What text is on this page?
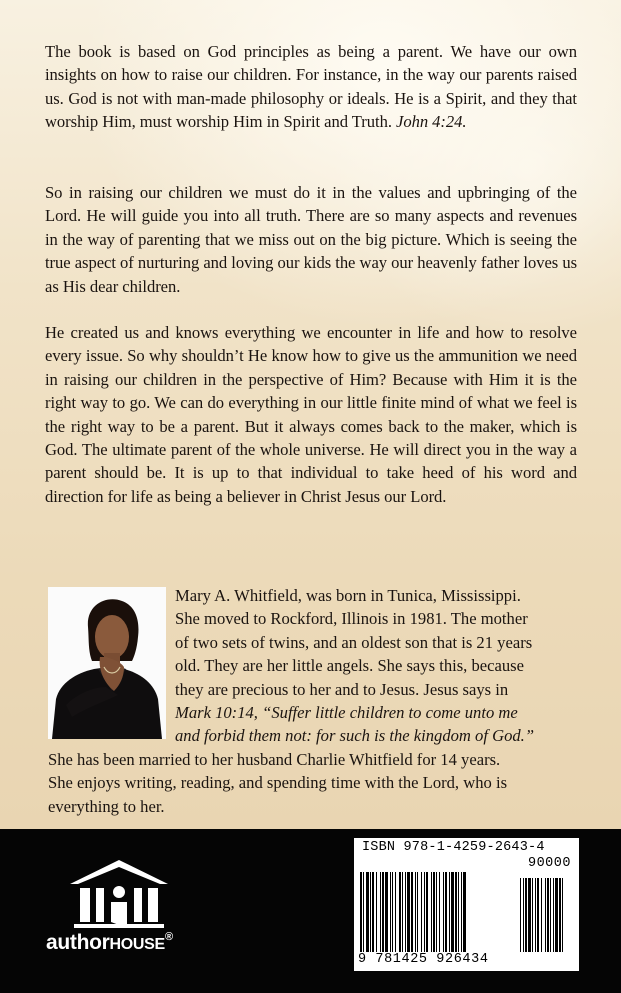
The book is based on God principles as being a parent. We have our own insights on how to raise our children. For instance, in the way our parents raised us. God is not with man-made philosophy or ideals. He is a Spirit, and they that worship Him, must worship Him in Spirit and Truth. John 4:24.

So in raising our children we must do it in the values and upbringing of the Lord. He will guide you into all truth. There are so many aspects and revenues in the way of parenting that we miss out on the big picture. Which is seeing the true aspect of nurturing and loving our kids the way our heavenly father loves us as His dear children.

He created us and knows everything we encounter in life and how to resolve every issue. So why shouldn’t He know how to give us the ammunition we need in raising our children in the perspective of Him? Because with Him it is the right way to go. We can do everything in our little finite mind of what we feel is the right way to be a parent. But it always comes back to the maker, which is God. The ultimate parent of the whole universe. He will direct you in the way a parent should be. It is up to that individual to take heed of his word and direction for life as being a believer in Christ Jesus our Lord.

Mary A. Whitfield, was born in Tunica, Mississippi.
She moved to Rockford, Illinois in 1981. The mother
of two sets of twins, and an oldest son that is 21 years
old. They are her little angels. She says this, because
they are precious to her and to Jesus. Jesus says in
Mark 10:14, “Suffer little children to come unto me
and forbid them not: for such is the kingdom of God.”
She has been married to her husband Charlie Whitfield for 14 years.
She enjoys writing, reading, and spending time with the Lord, who is
everything to her.
authorHOUSE®
ISBN 978-1-4259-2643-4
90000
9 781425 926434
